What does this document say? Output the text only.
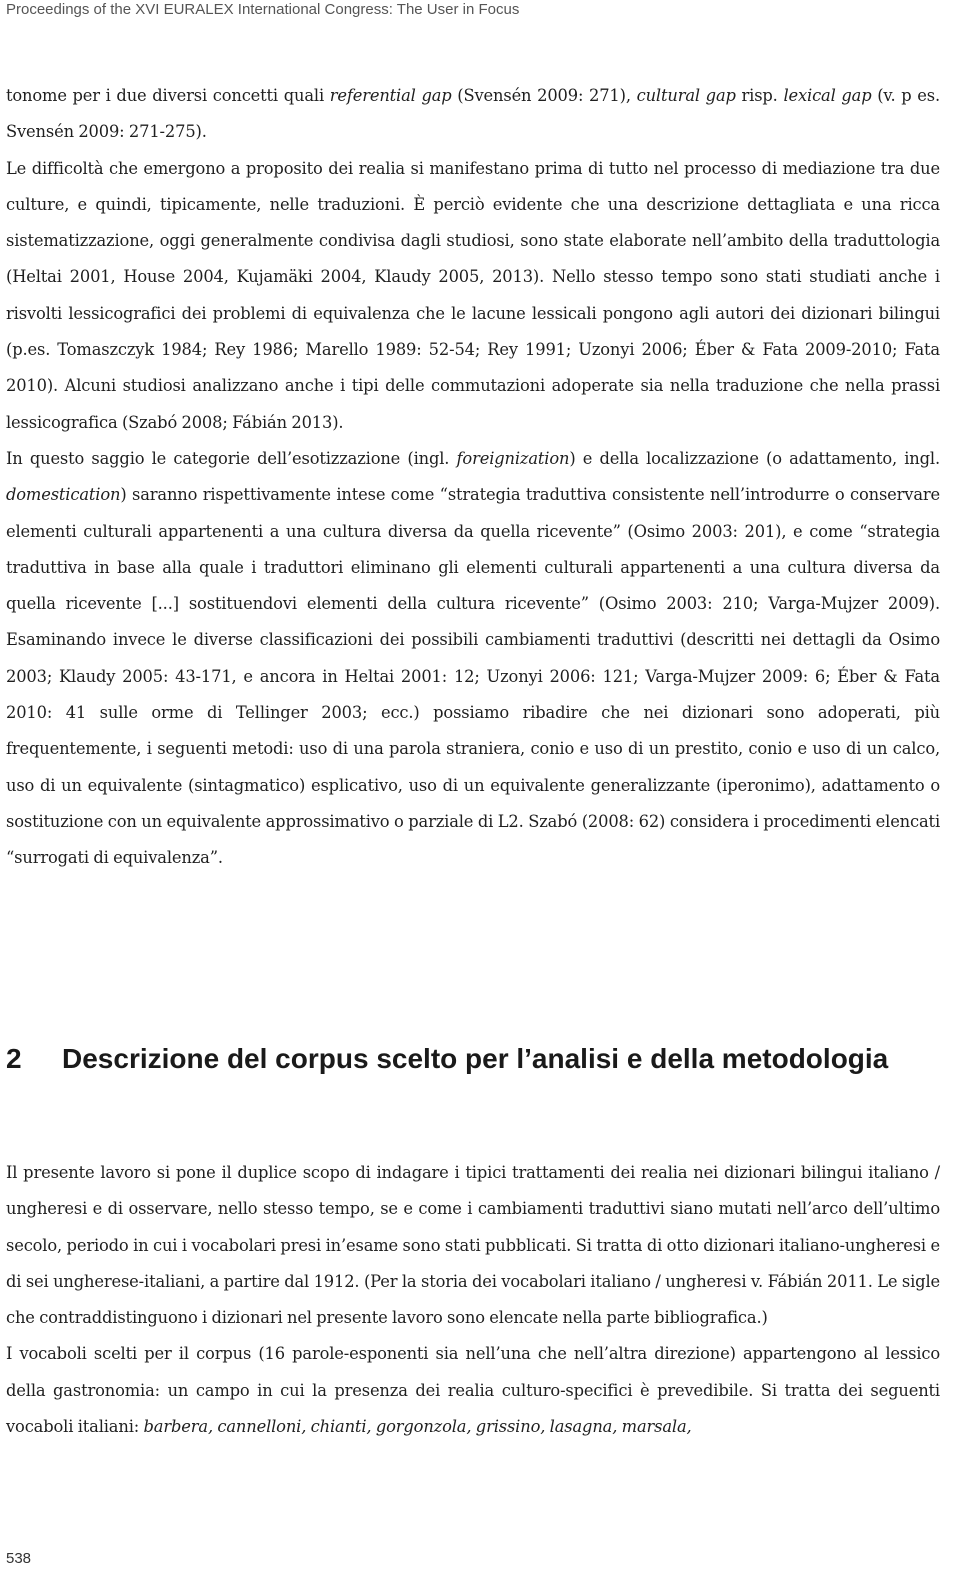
Proceedings of the XVI EURALEX International Congress: The User in Focus

tonome per i due diversi concetti quali referential gap (Svensén 2009: 271), cultural gap risp. lexical gap (v. p es. Svensén 2009: 271-275).

Le difficoltà che emergono a proposito dei realia si manifestano prima di tutto nel processo di mediazione tra due culture, e quindi, tipicamente, nelle traduzioni. È perciò evidente che una descrizione dettagliata e una ricca sistematizzazione, oggi generalmente condivisa dagli studiosi, sono state elaborate nell’ambito della traduttologia (Heltai 2001, House 2004, Kujamäki 2004, Klaudy 2005, 2013). Nello stesso tempo sono stati studiati anche i risvolti lessicografici dei problemi di equivalenza che le lacune lessicali pongono agli autori dei dizionari bilingui (p.es. Tomaszczyk 1984; Rey 1986; Marello 1989: 52-54; Rey 1991; Uzonyi 2006; Éber & Fata 2009-2010; Fata 2010). Alcuni studiosi analizzano anche i tipi delle commutazioni adoperate sia nella traduzione che nella prassi lessicografica (Szabó 2008; Fábián 2013).

In questo saggio le categorie dell’esotizzazione (ingl. foreignization) e della localizzazione (o adattamento, ingl. domestication) saranno rispettivamente intese come “strategia traduttiva consistente nell’introdurre o conservare elementi culturali appartenenti a una cultura diversa da quella ricevente” (Osimo 2003: 201), e come “strategia traduttiva in base alla quale i traduttori eliminano gli elementi culturali appartenenti a una cultura diversa da quella ricevente [...] sostituendovi elementi della cultura ricevente” (Osimo 2003: 210; Varga-Mujzer 2009). Esaminando invece le diverse classificazioni dei possibili cambiamenti traduttivi (descritti nei dettagli da Osimo 2003; Klaudy 2005: 43-171, e ancora in Heltai 2001: 12; Uzonyi 2006: 121; Varga-Mujzer 2009: 6; Éber & Fata 2010: 41 sulle orme di Tellinger 2003; ecc.) possiamo ribadire che nei dizionari sono adoperati, più frequentemente, i seguenti metodi: uso di una parola straniera, conio e uso di un prestito, conio e uso di un calco, uso di un equivalente (sintagmatico) esplicativo, uso di un equivalente generalizzante (iperonimo), adattamento o sostituzione con un equivalente approssimativo o parziale di L2. Szabó (2008: 62) considera i procedimenti elencati “surrogati di equivalenza”.

2	Descrizione del corpus scelto per l’analisi e della metodologia

Il presente lavoro si pone il duplice scopo di indagare i tipici trattamenti dei realia nei dizionari bilingui italiano / ungheresi e di osservare, nello stesso tempo, se e come i cambiamenti traduttivi siano mutati nell’arco dell’ultimo secolo, periodo in cui i vocabolari presi in’esame sono stati pubblicati. Si tratta di otto dizionari italiano-ungheresi e di sei ungherese-italiani, a partire dal 1912. (Per la storia dei vocabolari italiano / ungheresi v. Fábián 2011. Le sigle che contraddistinguono i dizionari nel presente lavoro sono elencate nella parte bibliografica.)

I vocaboli scelti per il corpus (16 parole-esponenti sia nell’una che nell’altra direzione) appartengono al lessico della gastronomia: un campo in cui la presenza dei realia culturo-specifici è prevedibile. Si tratta dei seguenti vocaboli italiani: barbera, cannelloni, chianti, gorgonzola, grissino, lasagna, marsala,

538
